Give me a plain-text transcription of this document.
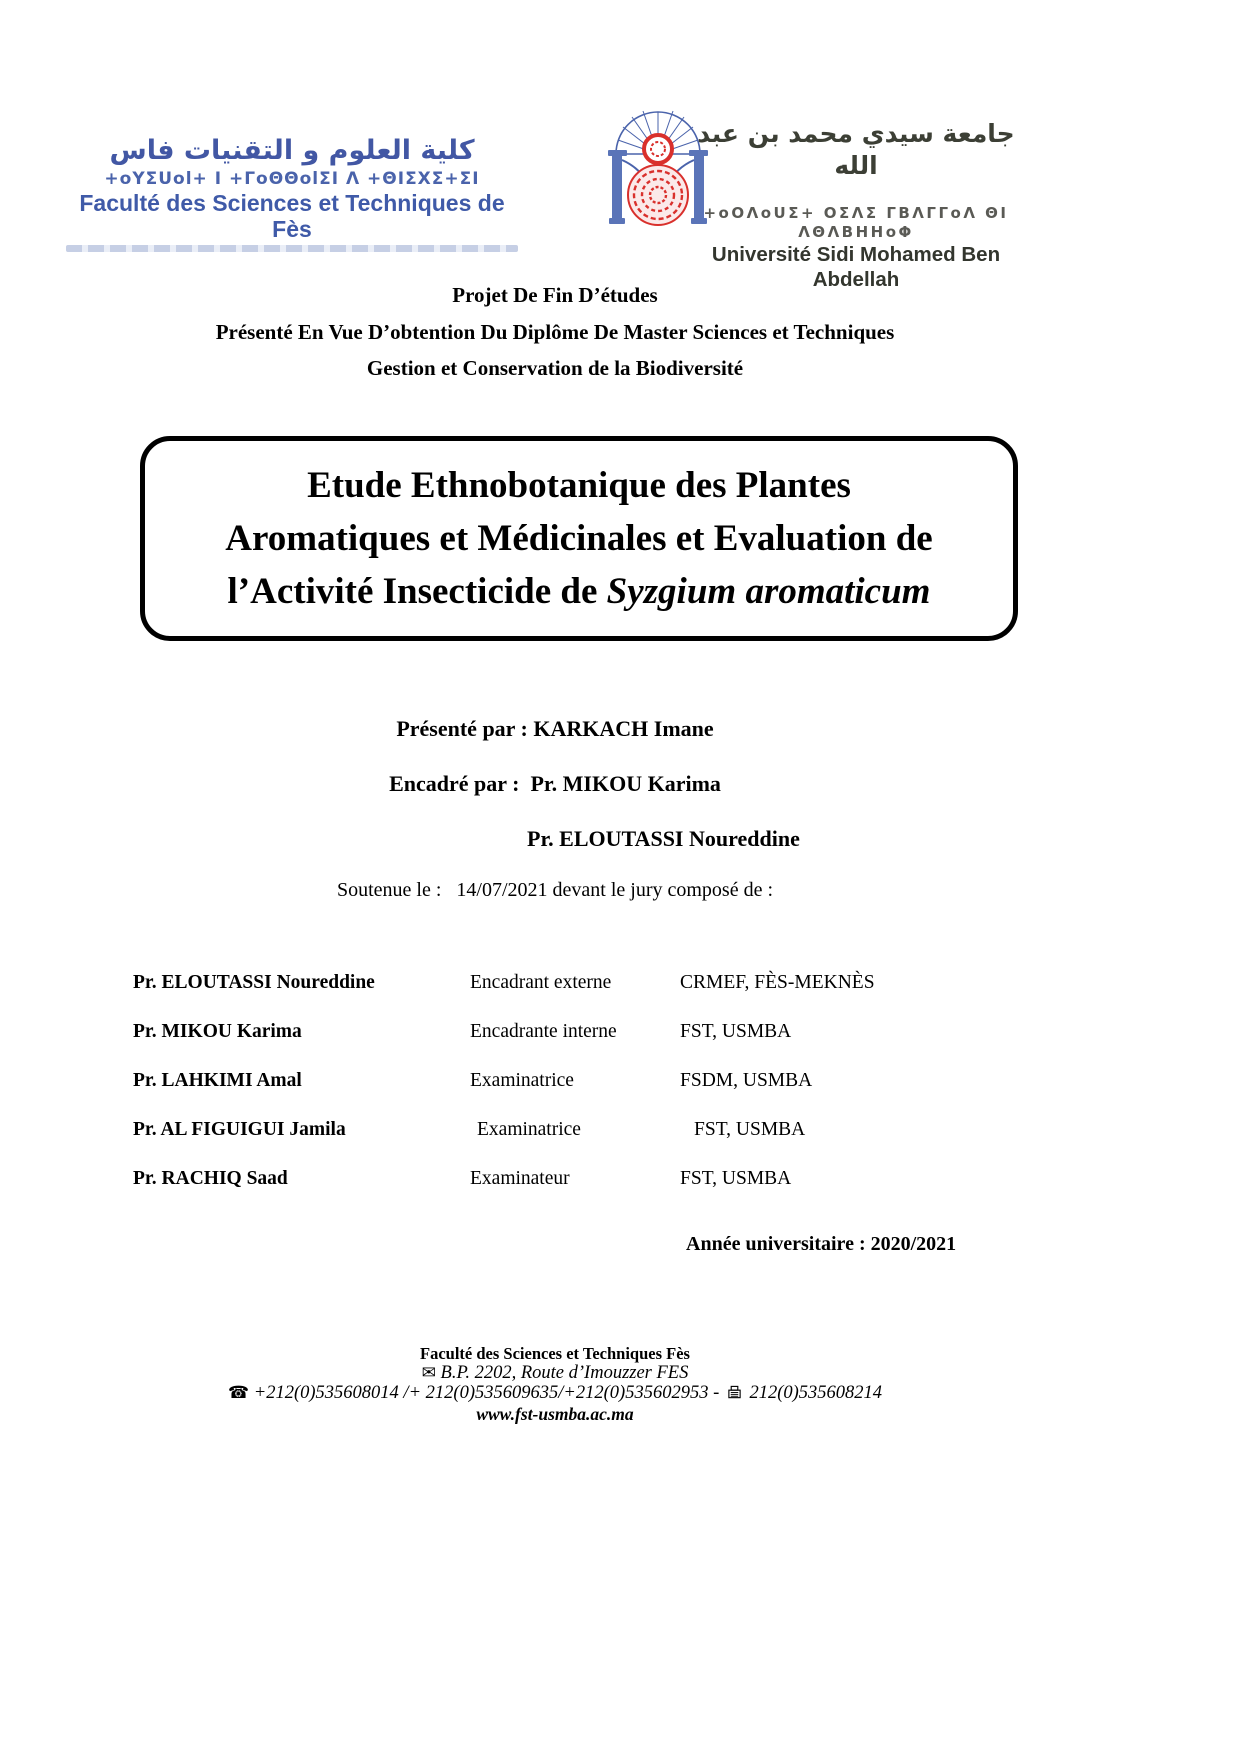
كلية العلوم و التقنيات فاس
+oYΣUol+ I +ΓoΘΘolΣI Λ +ΘΙΣΧΣ+ΣΙ
Faculté des Sciences et Techniques de Fès
جامعة سيدي محمد بن عبد الله
+oOΛoUΣ+ OΣΛΣ ΓΒΛΓΓoΛ ΘΙ ΛΘΛΒΗΗoΦ
Université Sidi Mohamed Ben Abdellah
Projet De Fin D’études
Présenté En Vue D’obtention Du Diplôme De Master Sciences et Techniques
Gestion et Conservation de la Biodiversité
Etude Ethnobotanique des Plantes
Aromatiques et Médicinales et Evaluation de
l’Activité Insecticide de Syzgium aromaticum
Présenté par : KARKACH Imane
Encadré par :  Pr. MIKOU Karima
Pr. ELOUTASSI Noureddine
Soutenue le :   14/07/2021 devant le jury composé de :
Pr. ELOUTASSI Noureddine	Encadrant externe	CRMEF, FÈS-MEKNÈS
Pr. MIKOU Karima	Encadrante interne	FST, USMBA
Pr. LAHKIMI Amal	Examinatrice	FSDM, USMBA
Pr. AL FIGUIGUI Jamila	Examinatrice	FST, USMBA
Pr. RACHIQ Saad	Examinateur	FST, USMBA
Année universitaire : 2020/2021
Faculté des Sciences et Techniques Fès
✉ B.P. 2202, Route d’Imouzzer FES
☎ +212(0)535608014 /+ 212(0)535609635/+212(0)535602953 -  212(0)535608214
www.fst-usmba.ac.ma
